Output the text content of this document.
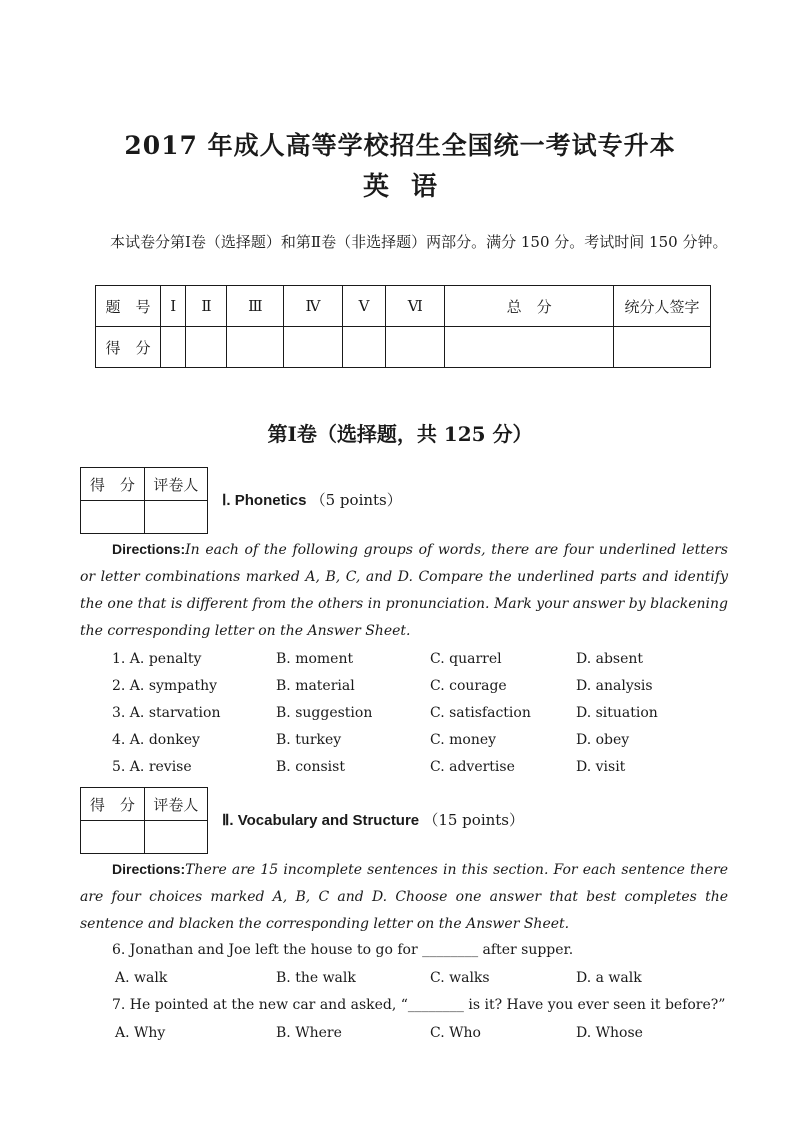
2017 年成人高等学校招生全国统一考试专升本
英语
本试卷分第Ⅰ卷（选择题）和第Ⅱ卷（非选择题）两部分。满分 150 分。考试时间 150 分钟。
题　号	Ⅰ	Ⅱ	Ⅲ	Ⅳ	Ⅴ	Ⅵ	总　分	统分人签字
得　分								
第Ⅰ卷（选择题，共 125 分）
得　分	评卷人

Ⅰ. Phonetics （5 points）
Directions:In each of the following groups of words, there are four underlined letters or letter combinations marked A, B, C, and D. Compare the underlined parts and identify the one that is different from the others in pronunciation. Mark your answer by blackening the corresponding letter on the Answer Sheet.
1. A. penalty	B. moment	C. quarrel	D. absent
2. A. sympathy	B. material	C. courage	D. analysis
3. A. starvation	B. suggestion	C. satisfaction	D. situation
4. A. donkey	B. turkey	C. money	D. obey
5. A. revise	B. consist	C. advertise	D. visit
得　分	评卷人

Ⅱ. Vocabulary and Structure （15 points）
Directions:There are 15 incomplete sentences in this section. For each sentence there are four choices marked A, B, C and D. Choose one answer that best completes the sentence and blacken the corresponding letter on the Answer Sheet.
6. Jonathan and Joe left the house to go for ________ after supper.
A. walk	B. the walk	C. walks	D. a walk
7. He pointed at the new car and asked, “________ is it? Have you ever seen it before?”
A. Why	B. Where	C. Who	D. Whose
